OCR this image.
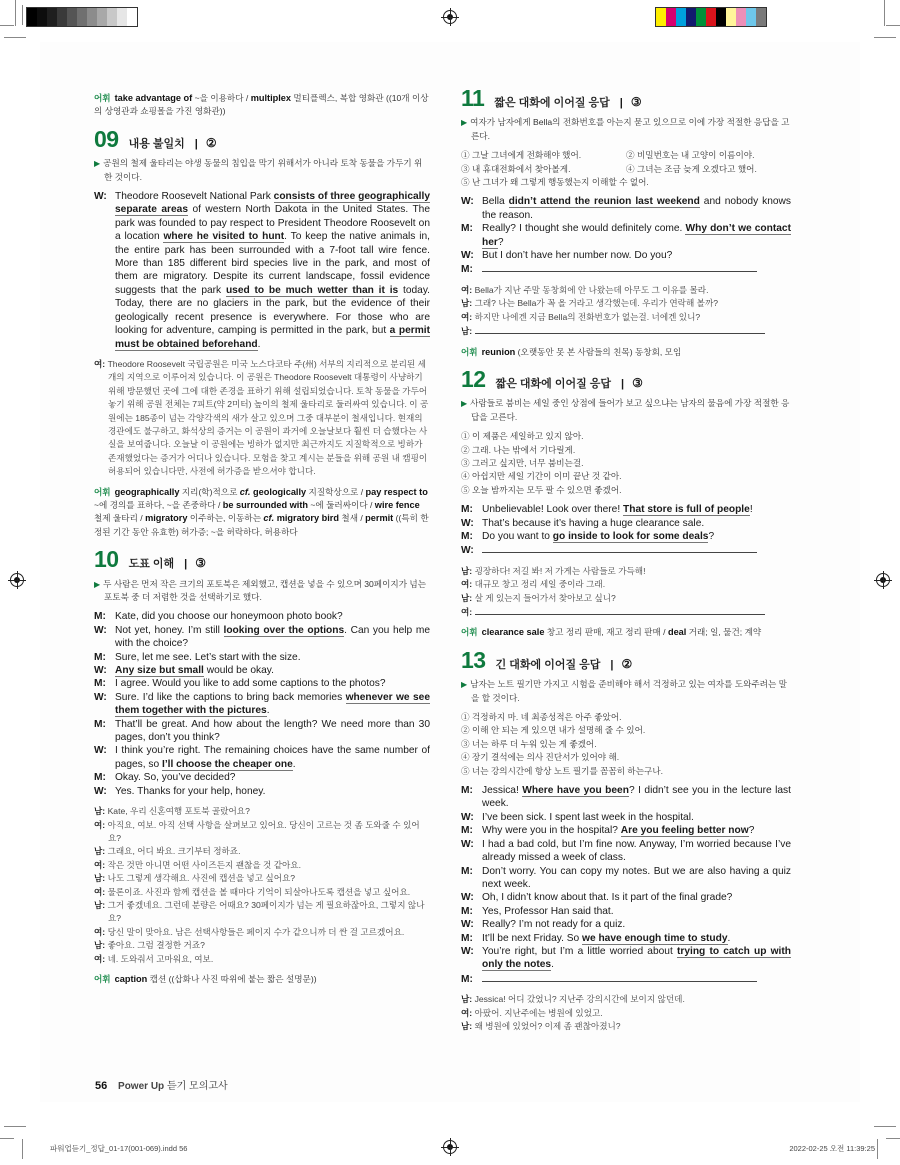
어휘 take advantage of ~을 이용하다 / multiplex 멀티플렉스, 복합 영화관 ((10개 이상의 상영관과 쇼핑몰을 가진 영화관))
09 내용 불일치 | ②
▶ 공원의 철제 울타리는 야생 동물의 침입을 막기 위해서가 아니라 토착 동물을 가두기 위한 것이다.

W: Theodore Roosevelt National Park consists of three geographically separate areas of western North Dakota in the United States. The park was founded to pay respect to President Theodore Roosevelt on a location where he visited to hunt. To keep the native animals in, the entire park has been surrounded with a 7-foot tall wire fence. More than 185 different bird species live in the park, and most of them are migratory. Despite its current landscape, fossil evidence suggests that the park used to be much wetter than it is today. Today, there are no glaciers in the park, but the evidence of their geologically recent presence is everywhere. For those who are looking for adventure, camping is permitted in the park, but a permit must be obtained beforehand.

여: Theodore Roosevelt 국립공원은 미국 노스다코타 주(州) 서부의 지리적으로 분리된 세 개의 지역으로 이루어져 있습니다. 이 공원은 Theodore Roosevelt 대통령이 사냥하기 위해 방문했던 곳에 그에 대한 존경을 표하기 위해 설립되었습니다. 토착 동물을 가두어 놓기 위해 공원 전체는 7피트(약 2미터) 높이의 철제 울타리로 둘러싸여 있습니다. 이 공원에는 185종이 넘는 각양각색의 새가 살고 있으며 그중 대부분이 철새입니다. 현재의 경관에도 불구하고, 화석상의 증거는 이 공원이 과거에 오늘날보다 훨씬 더 습했다는 사실을 보여줍니다. 오늘날 이 공원에는 빙하가 없지만 최근까지도 지질학적으로 빙하가 존재했었다는 증거가 어디나 있습니다. 모험을 찾고 계시는 분들을 위해 공원 내 캠핑이 허용되어 있습니다만, 사전에 허가증을 받으셔야 합니다.

어휘 geographically 지리(학)적으로 cf. geologically 지질학상으로 / pay respect to ~에 경의를 표하다, ~을 존중하다 / be surrounded with ~에 둘러싸이다 / wire fence 철제 울타리 / migratory 이주하는, 이동하는 cf. migratory bird 철새 / permit ((특히 한정된 기간 동안 유효한) 허가증; ~을 허락하다, 허용하다
10 도표 이해 | ③
▶ 두 사람은 먼저 작은 크기의 포토북은 제외했고, 캡션을 넣을 수 있으며 30페이지가 넘는 포토북 중 더 저렴한 것을 선택하기로 했다.

M: Kate, did you choose our honeymoon photo book?

W: Not yet, honey. I’m still looking over the options. Can you help me with the choice?

M: Sure, let me see. Let’s start with the size.

W: Any size but small would be okay.

M: I agree. Would you like to add some captions to the photos?

W: Sure. I’d like the captions to bring back memories whenever we see them together with the pictures.

M: That’ll be great. And how about the length? We need more than 30 pages, don’t you think?

W: I think you’re right. The remaining choices have the same number of pages, so I’ll choose the cheaper one.

M: Okay. So, you’ve decided?

W: Yes. Thanks for your help, honey.

남: Kate, 우리 신혼여행 포토북 골랐어요?

여: 아직요, 여보. 아직 선택 사항을 살펴보고 있어요. 당신이 고르는 것 좀 도와줄 수 있어요?

남: 그래요, 어디 봐요. 크기부터 정하죠.

여: 작은 것만 아니면 어떤 사이즈든지 괜찮을 것 같아요.

남: 나도 그렇게 생각해요. 사진에 캡션을 넣고 싶어요?

여: 물론이죠. 사진과 함께 캡션을 볼 때마다 기억이 되살아나도록 캡션을 넣고 싶어요.

남: 그거 좋겠네요. 그런데 분량은 어때요? 30페이지가 넘는 게 필요하잖아요, 그렇지 않나요?

여: 당신 말이 맞아요. 남은 선택사항들은 페이지 수가 같으니까 더 싼 걸 고르겠어요.

남: 좋아요. 그럼 결정한 거죠?

여: 네. 도와줘서 고마워요, 여보.

어휘 caption 캡션 ((삽화나 사진 따위에 붙는 짧은 설명문))
11 짧은 대화에 이어질 응답 | ③
▶ 여자가 남자에게 Bella의 전화번호를 아는지 묻고 있으므로 이에 가장 적절한 응답을 고른다.
① 그날 그녀에게 전화해야 했어.	② 비밀번호는 내 고양이 이름이야.
③ 내 휴대전화에서 찾아볼게.	④ 그녀는 조금 늦게 오겠다고 했어.
⑤ 난 그녀가 왜 그렇게 행동했는지 이해할 수 없어.

W: Bella didn’t attend the reunion last weekend and nobody knows the reason.

M: Really? I thought she would definitely come. Why don’t we contact her?

W: But I don’t have her number now. Do you?

M:

여: Bella가 지난 주말 동창회에 안 나왔는데 아무도 그 이유를 몰라.

남: 그래? 나는 Bella가 꼭 올 거라고 생각했는데. 우리가 연락해 볼까?

여: 하지만 나에겐 지금 Bella의 전화번호가 없는걸. 너에겐 있니?

남:

어휘 reunion (오랫동안 못 본 사람들의 친목) 동창회, 모임
12 짧은 대화에 이어질 응답 | ③
▶ 사람들로 붐비는 세일 중인 상점에 들어가 보고 싶으냐는 남자의 물음에 가장 적절한 응답을 고른다.
① 이 제품은 세일하고 있지 않아.
② 그래. 나는 밖에서 기다릴게.
③ 그러고 싶지만, 너무 붐비는걸.
④ 아쉽지만 세일 기간이 이미 끝난 것 같아.
⑤ 오늘 밤까지는 모두 팔 수 있으면 좋겠어.

M: Unbelievable! Look over there! That store is full of people!

W: That’s because it’s having a huge clearance sale.

M: Do you want to go inside to look for some deals?

W:

남: 굉장하다! 저길 봐! 저 가게는 사람들로 가득해!

여: 대규모 창고 정리 세일 중이라 그래.

남: 살 게 있는지 들어가서 찾아보고 싶니?

여:

어휘 clearance sale 창고 정리 판매, 재고 정리 판매 / deal 거래; 일, 물건; 계약
13 긴 대화에 이어질 응답 | ②
▶ 남자는 노트 필기만 가지고 시험을 준비해야 해서 걱정하고 있는 여자를 도와주려는 말을 할 것이다.
① 걱정하지 마. 네 최종성적은 아주 좋았어.
② 이해 안 되는 게 있으면 내가 설명해 줄 수 있어.
③ 너는 하루 더 누워 있는 게 좋겠어.
④ 장기 결석에는 의사 진단서가 있어야 해.
⑤ 너는 강의시간에 항상 노트 필기를 꼼꼼히 하는구나.

M: Jessica! Where have you been? I didn’t see you in the lecture last week.

W: I’ve been sick. I spent last week in the hospital.

M: Why were you in the hospital? Are you feeling better now?

W: I had a bad cold, but I’m fine now. Anyway, I’m worried because I’ve already missed a week of class.

M: Don’t worry. You can copy my notes. But we are also having a quiz next week.

W: Oh, I didn’t know about that. Is it part of the final grade?

M: Yes, Professor Han said that.

W: Really? I’m not ready for a quiz.

M: It’ll be next Friday. So we have enough time to study.

W: You’re right, but I’m a little worried about trying to catch up with only the notes.

M:

남: Jessica! 어디 갔었니? 지난주 강의시간에 보이지 않던데.

여: 아팠어. 지난주에는 병원에 있었고.

남: 왜 병원에 있었어? 이제 좀 괜찮아졌니?

56 Power Up 듣기 모의고사
파워업듣기_정답_01-17(001-069).indd 56	2022-02-25 오전 11:39:25
